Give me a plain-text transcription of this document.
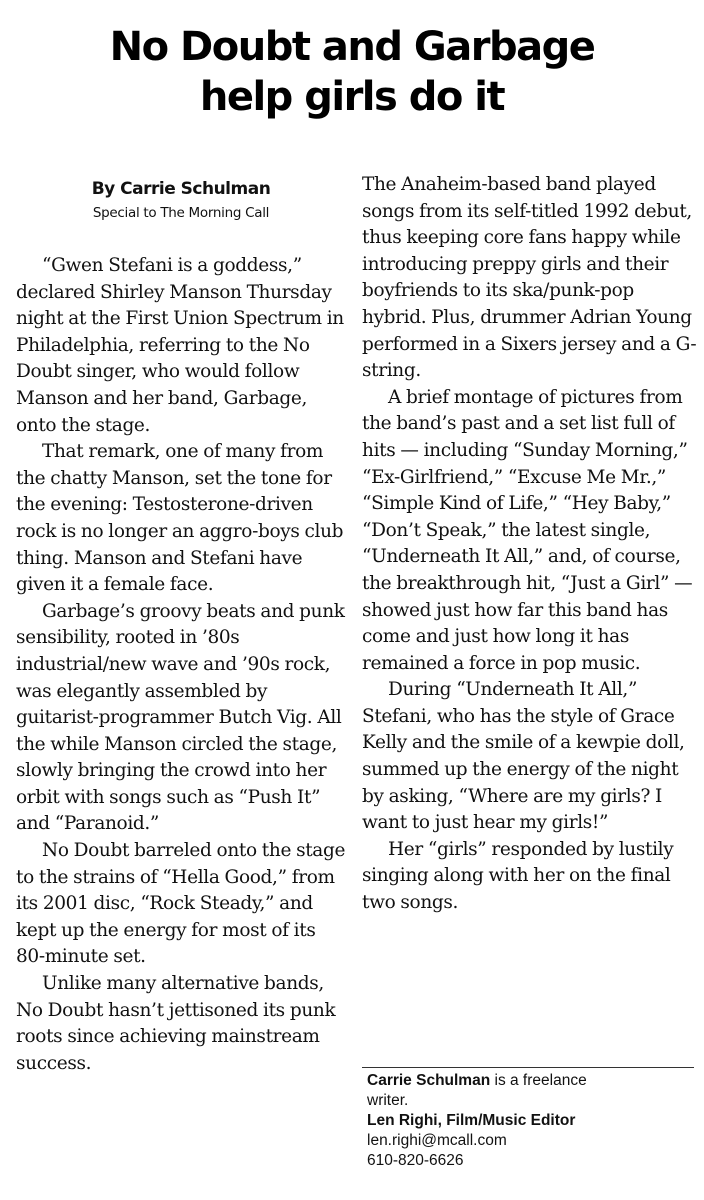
No Doubt and Garbage
help girls do it
By Carrie Schulman
Special to The Morning Call

“Gwen Stefani is a goddess,” declared Shirley Manson Thursday night at the First Union Spectrum in Philadelphia, referring to the No Doubt singer, who would follow Manson and her band, Garbage, onto the stage.

That remark, one of many from the chatty Manson, set the tone for the evening: Testosterone-driven rock is no longer an aggro-boys club thing. Manson and Stefani have given it a female face.

Garbage’s groovy beats and punk sensibility, rooted in ’80s industrial/new wave and ’90s rock, was elegantly assembled by guitarist-programmer Butch Vig. All the while Manson circled the stage, slowly bringing the crowd into her orbit with songs such as “Push It” and “Paranoid.”

No Doubt barreled onto the stage to the strains of “Hella Good,” from its 2001 disc, “Rock Steady,” and kept up the energy for most of its 80-minute set.

Unlike many alternative bands, No Doubt hasn’t jettisoned its punk roots since achieving mainstream success.

The Anaheim-based band played songs from its self-titled 1992 debut, thus keeping core fans happy while introducing preppy girls and their boyfriends to its ska/punk-pop hybrid. Plus, drummer Adrian Young performed in a Sixers jersey and a G-string.

A brief montage of pictures from the band’s past and a set list full of hits — including “Sunday Morning,” “Ex-Girlfriend,” “Excuse Me Mr.,” “Simple Kind of Life,” “Hey Baby,” “Don’t Speak,” the latest single, “Underneath It All,” and, of course, the breakthrough hit, “Just a Girl” — showed just how far this band has come and just how long it has remained a force in pop music.

During “Underneath It All,” Stefani, who has the style of Grace Kelly and the smile of a kewpie doll, summed up the energy of the night by asking, “Where are my girls? I want to just hear my girls!”

Her “girls” responded by lustily singing along with her on the final two songs.

Carrie Schulman is a freelance
writer.
Len Righi, Film/Music Editor
len.righi@mcall.com
610-820-6626
